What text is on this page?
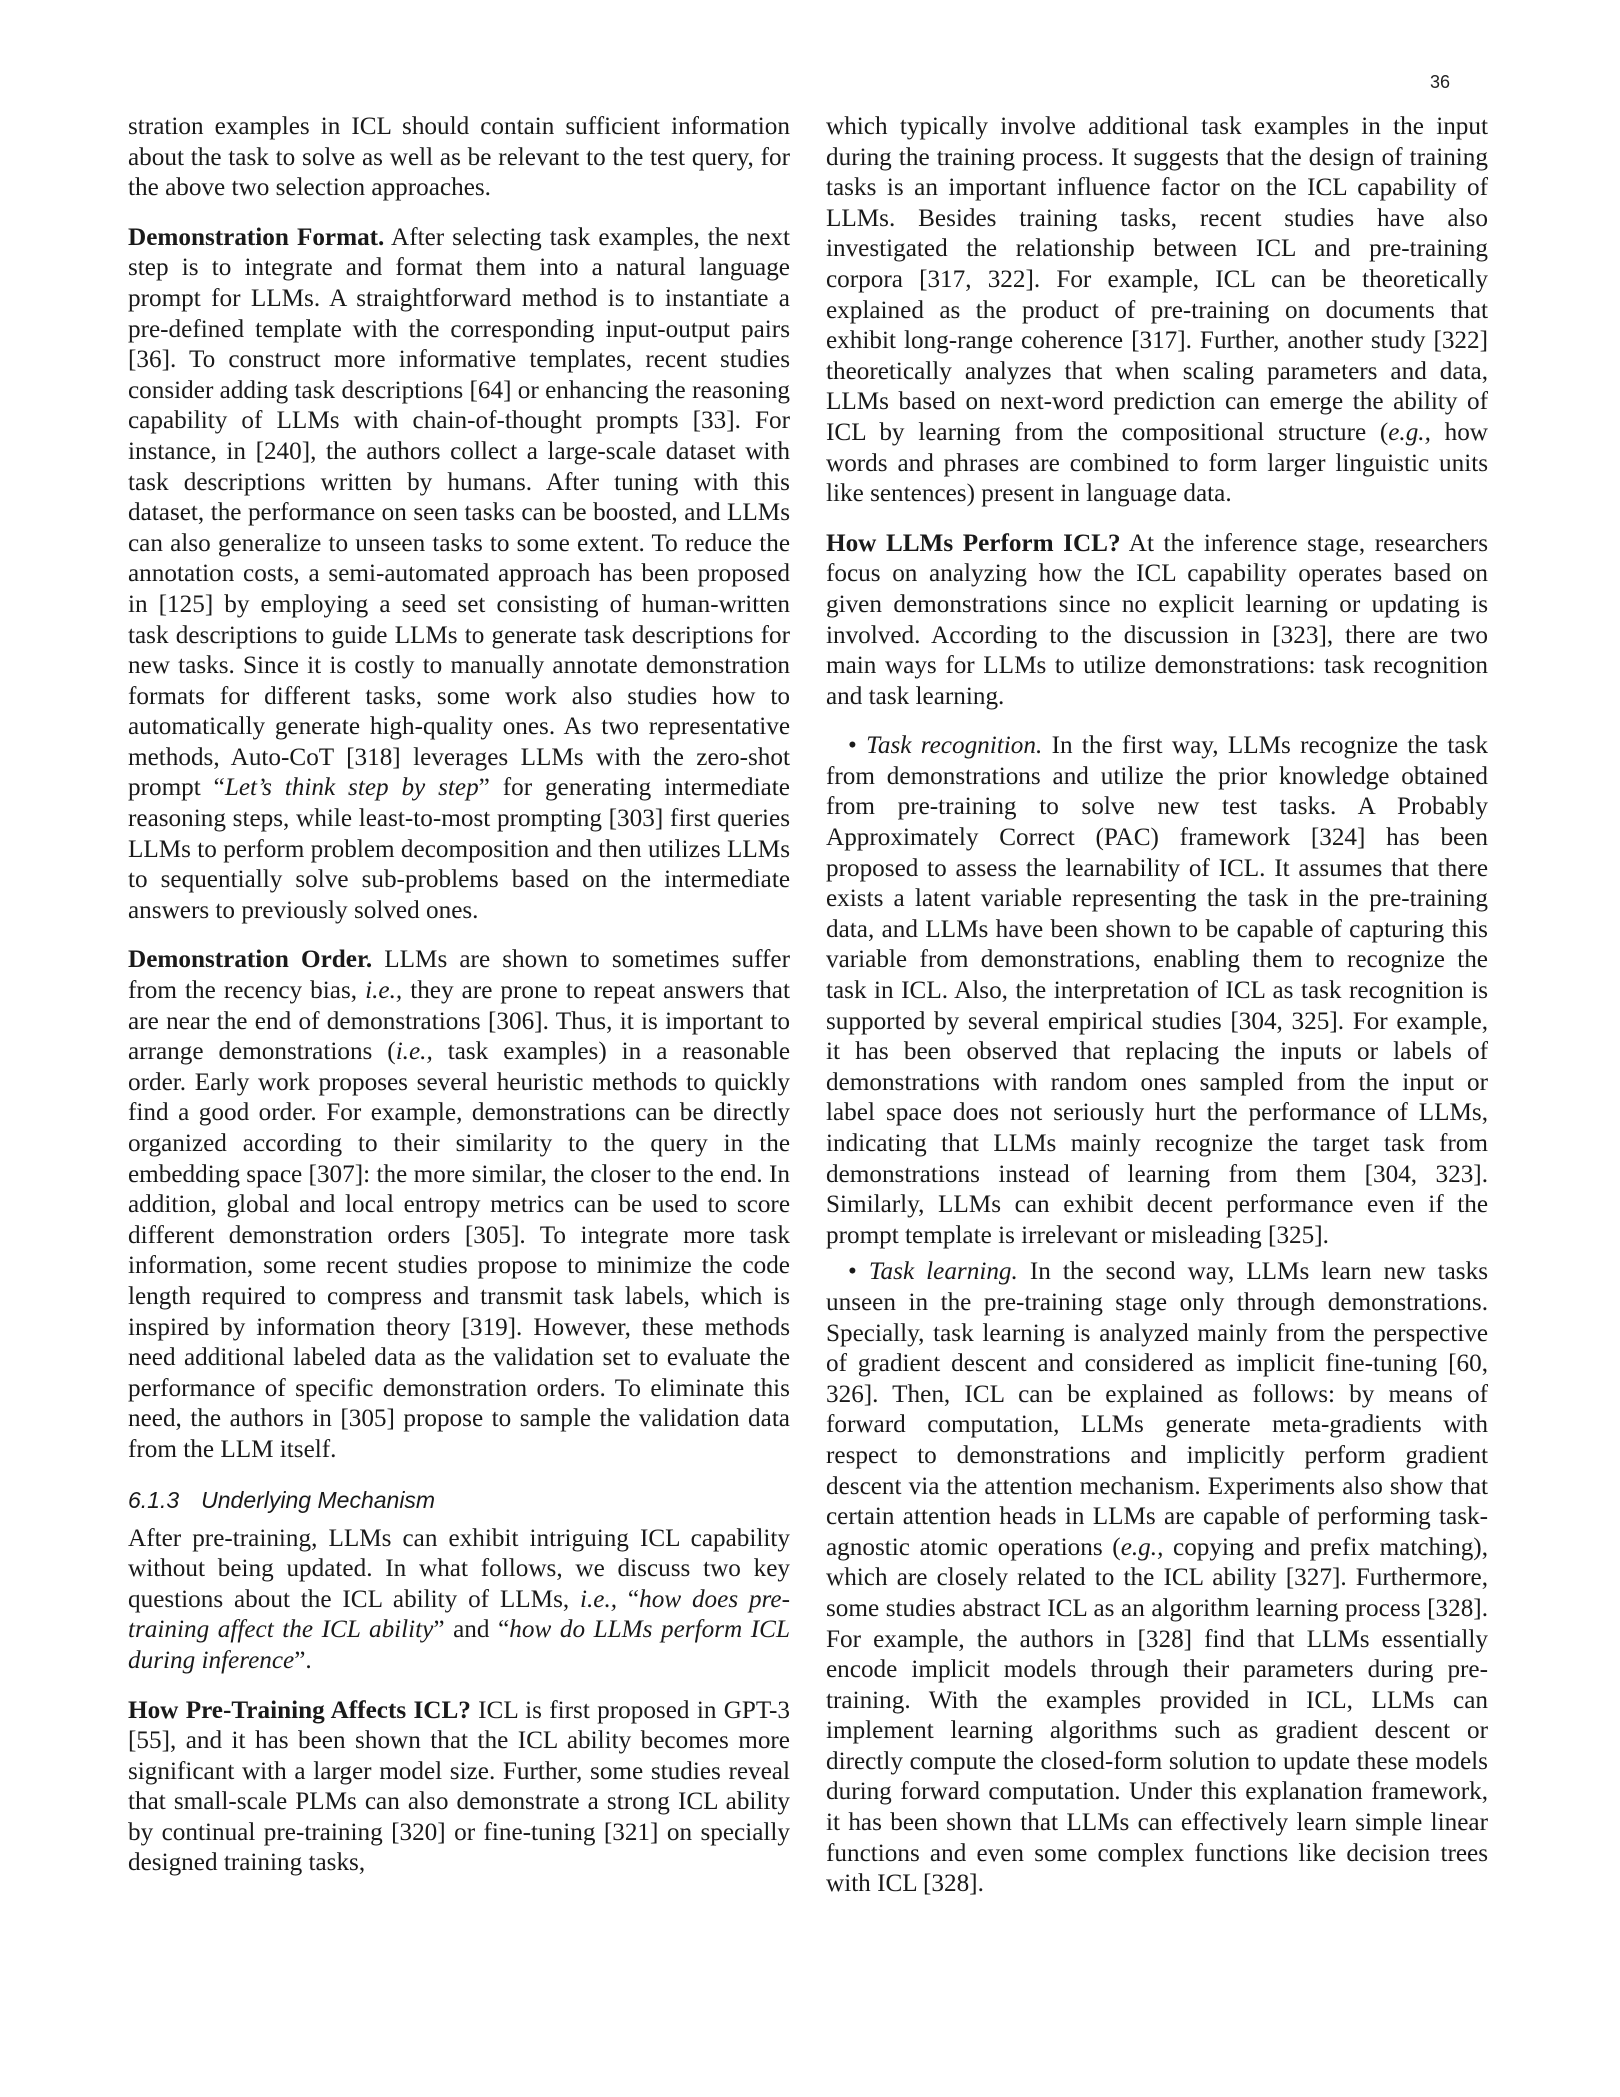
36

stration examples in ICL should contain sufficient information about the task to solve as well as be relevant to the test query, for the above two selection approaches.

Demonstration Format. After selecting task examples, the next step is to integrate and format them into a natural language prompt for LLMs. A straightforward method is to instantiate a pre-defined template with the corresponding input-output pairs [36]. To construct more informative templates, recent studies consider adding task descriptions [64] or enhancing the reasoning capability of LLMs with chain-of-thought prompts [33]. For instance, in [240], the authors collect a large-scale dataset with task descriptions written by humans. After tuning with this dataset, the performance on seen tasks can be boosted, and LLMs can also generalize to unseen tasks to some extent. To reduce the annotation costs, a semi-automated approach has been proposed in [125] by employing a seed set consisting of human-written task descriptions to guide LLMs to generate task descriptions for new tasks. Since it is costly to manually annotate demonstration formats for different tasks, some work also studies how to automatically generate high-quality ones. As two representative methods, Auto-CoT [318] leverages LLMs with the zero-shot prompt “Let’s think step by step” for generating intermediate reasoning steps, while least-to-most prompting [303] first queries LLMs to perform problem decomposition and then utilizes LLMs to sequentially solve sub-problems based on the intermediate answers to previously solved ones.

Demonstration Order. LLMs are shown to sometimes suffer from the recency bias, i.e., they are prone to repeat answers that are near the end of demonstrations [306]. Thus, it is important to arrange demonstrations (i.e., task examples) in a reasonable order. Early work proposes several heuristic methods to quickly find a good order. For example, demonstrations can be directly organized according to their similarity to the query in the embedding space [307]: the more similar, the closer to the end. In addition, global and local entropy metrics can be used to score different demonstration orders [305]. To integrate more task information, some recent studies propose to minimize the code length required to compress and transmit task labels, which is inspired by information theory [319]. However, these methods need additional labeled data as the validation set to evaluate the performance of specific demonstration orders. To eliminate this need, the authors in [305] propose to sample the validation data from the LLM itself.

6.1.3 Underlying Mechanism

After pre-training, LLMs can exhibit intriguing ICL capability without being updated. In what follows, we discuss two key questions about the ICL ability of LLMs, i.e., “how does pre-training affect the ICL ability” and “how do LLMs perform ICL during inference”.

How Pre-Training Affects ICL? ICL is first proposed in GPT-3 [55], and it has been shown that the ICL ability becomes more significant with a larger model size. Further, some studies reveal that small-scale PLMs can also demonstrate a strong ICL ability by continual pre-training [320] or fine-tuning [321] on specially designed training tasks,

which typically involve additional task examples in the input during the training process. It suggests that the design of training tasks is an important influence factor on the ICL capability of LLMs. Besides training tasks, recent studies have also investigated the relationship between ICL and pre-training corpora [317, 322]. For example, ICL can be theoretically explained as the product of pre-training on documents that exhibit long-range coherence [317]. Further, another study [322] theoretically analyzes that when scaling parameters and data, LLMs based on next-word prediction can emerge the ability of ICL by learning from the compositional structure (e.g., how words and phrases are combined to form larger linguistic units like sentences) present in language data.

How LLMs Perform ICL? At the inference stage, researchers focus on analyzing how the ICL capability operates based on given demonstrations since no explicit learning or updating is involved. According to the discussion in [323], there are two main ways for LLMs to utilize demonstrations: task recognition and task learning.

• Task recognition. In the first way, LLMs recognize the task from demonstrations and utilize the prior knowledge obtained from pre-training to solve new test tasks. A Probably Approximately Correct (PAC) framework [324] has been proposed to assess the learnability of ICL. It assumes that there exists a latent variable representing the task in the pre-training data, and LLMs have been shown to be capable of capturing this variable from demonstrations, enabling them to recognize the task in ICL. Also, the interpretation of ICL as task recognition is supported by several empirical studies [304, 325]. For example, it has been observed that replacing the inputs or labels of demonstrations with random ones sampled from the input or label space does not seriously hurt the performance of LLMs, indicating that LLMs mainly recognize the target task from demonstrations instead of learning from them [304, 323]. Similarly, LLMs can exhibit decent performance even if the prompt template is irrelevant or misleading [325].

• Task learning. In the second way, LLMs learn new tasks unseen in the pre-training stage only through demonstrations. Specially, task learning is analyzed mainly from the perspective of gradient descent and considered as implicit fine-tuning [60, 326]. Then, ICL can be explained as follows: by means of forward computation, LLMs generate meta-gradients with respect to demonstrations and implicitly perform gradient descent via the attention mechanism. Experiments also show that certain attention heads in LLMs are capable of performing task-agnostic atomic operations (e.g., copying and prefix matching), which are closely related to the ICL ability [327]. Furthermore, some studies abstract ICL as an algorithm learning process [328]. For example, the authors in [328] find that LLMs essentially encode implicit models through their parameters during pre-training. With the examples provided in ICL, LLMs can implement learning algorithms such as gradient descent or directly compute the closed-form solution to update these models during forward computation. Under this explanation framework, it has been shown that LLMs can effectively learn simple linear functions and even some complex functions like decision trees with ICL [328].
